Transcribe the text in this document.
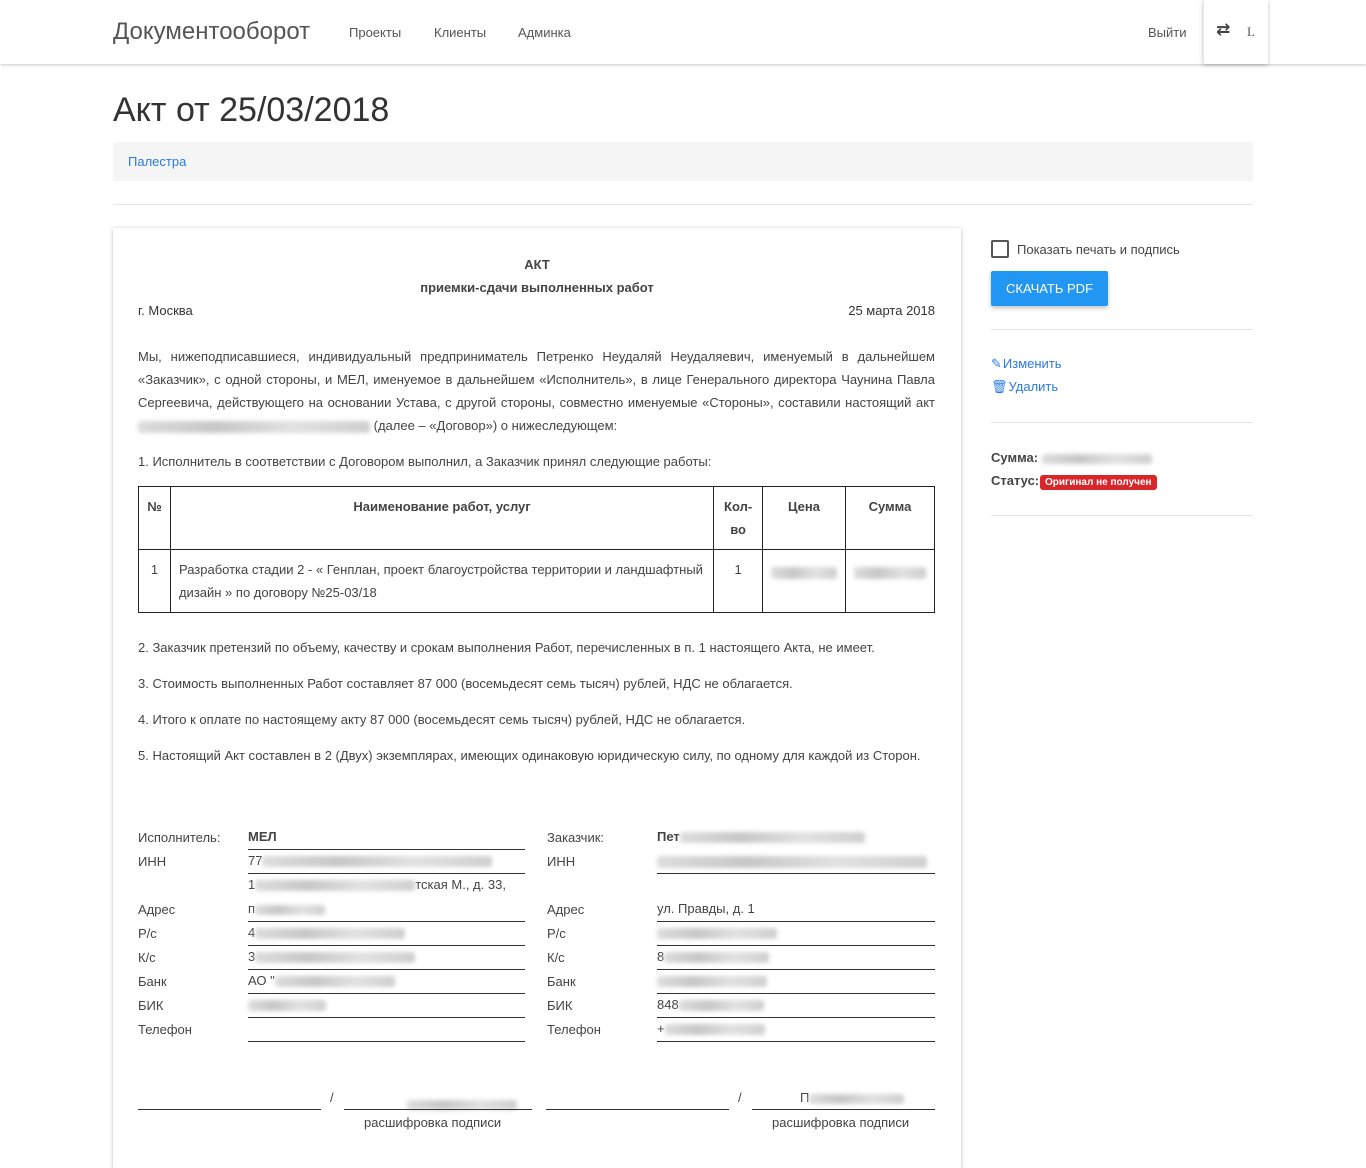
Документооборот	Проекты	Клиенты Админка	Выйти ⇄ L
Акт от 25/03/2018
Палестра
АКТ
приемки-сдачи выполненных работ
г. Москва	25 марта 2018
Мы, нижеподписавшиеся, индивидуальный предприниматель Петренко Неудаляй Неудаляевич, именуемый в дальнейшем «Заказчик», с одной стороны, и МЕЛ, именуемое в дальнейшем «Исполнитель», в лице Генерального директора Чаунина Павла Сергеевича, действующего на основании Устава, с другой стороны, совместно именуемые «Стороны», составили настоящий акт  (далее – «Договор») о нижеследующем:
1. Исполнитель в соответствии с Договором выполнил, а Заказчик принял следующие работы:
№	Наименование работ, услуг	Кол-во	Цена	Сумма
1	Разработка стадии 2 - « Генплан, проект благоустройства территории и ландшафтный дизайн » по договору №25-03/18	1		
2. Заказчик претензий по объему, качеству и срокам выполнения Работ, перечисленных в п. 1 настоящего Акта, не имеет.
3. Стоимость выполненных Работ составляет 87 000 (восемьдесят семь тысяч) рублей, НДС не облагается.
4. Итого к оплате по настоящему акту 87 000 (восемьдесят семь тысяч) рублей, НДС не облагается.
5. Настоящий Акт составлен в 2 (Двух) экземплярах, имеющих одинаковую юридическую силу, по одному для каждой из Сторон.
Исполнитель: МЕЛ
ИНН	77
1	тская М., д. 33,
Адрес	п
Р/с	4
К/с	3
Банк	АО "
БИК
Телефон
Заказчик:	Пет
ИНН
Адрес	ул. Правды, д. 1
Р/с
К/с	8
Банк
БИК	848
Телефон	+
/
расшифровка подписи
/	П
расшифровка подписи
Показать печать и подпись
СКАЧАТЬ PDF
✎Изменить
🗑Удалить
Сумма:
Статус: Оригинал не получен
